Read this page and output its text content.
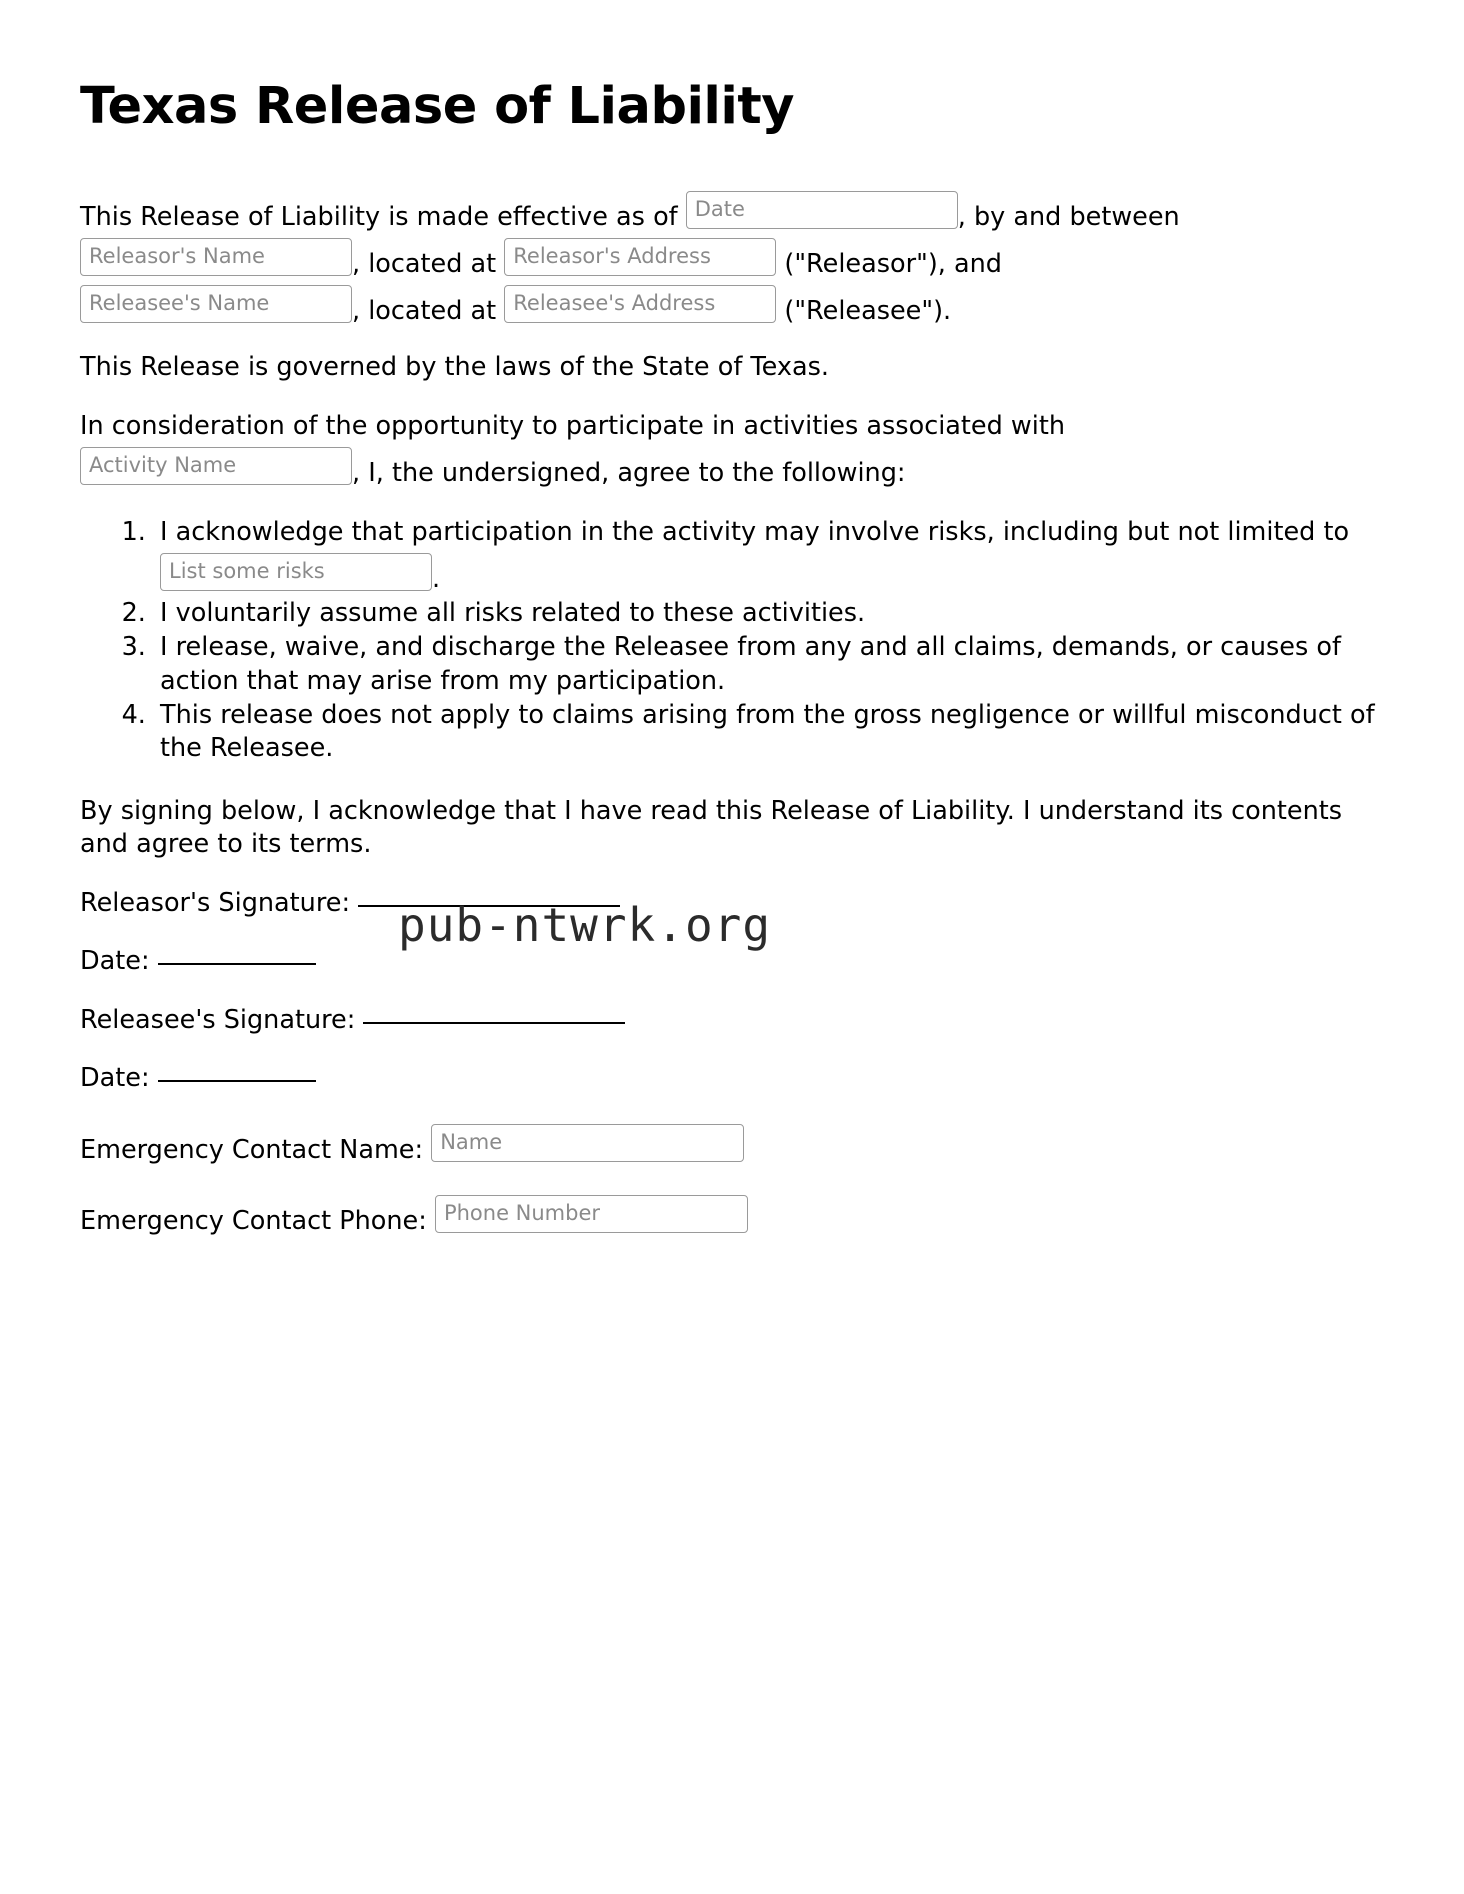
pub-ntwrk.org
Texas Release of Liability

This Release of Liability is made effective as of Date	, by and between
Releasor's Name	, located at Releasor's Address	("Releasor"), and
Releasee's Name	, located at Releasee's Address	("Releasee").

This Release is governed by the laws of the State of Texas.

In consideration of the opportunity to participate in activities associated with
Activity Name	, I, the undersigned, agree to the following:

1. I acknowledge that participation in the activity may involve risks, including but not limited to List some risks	.
2. I voluntarily assume all risks related to these activities.
3. I release, waive, and discharge the Releasee from any and all claims, demands, or causes of action that may arise from my participation.
4. This release does not apply to claims arising from the gross negligence or willful misconduct of the Releasee.

By signing below, I acknowledge that I have read this Release of Liability. I understand its contents and agree to its terms.

Releasor's Signature:
Date:
Releasee's Signature:
Date:
Emergency Contact Name: Name
Emergency Contact Phone: Phone Number
